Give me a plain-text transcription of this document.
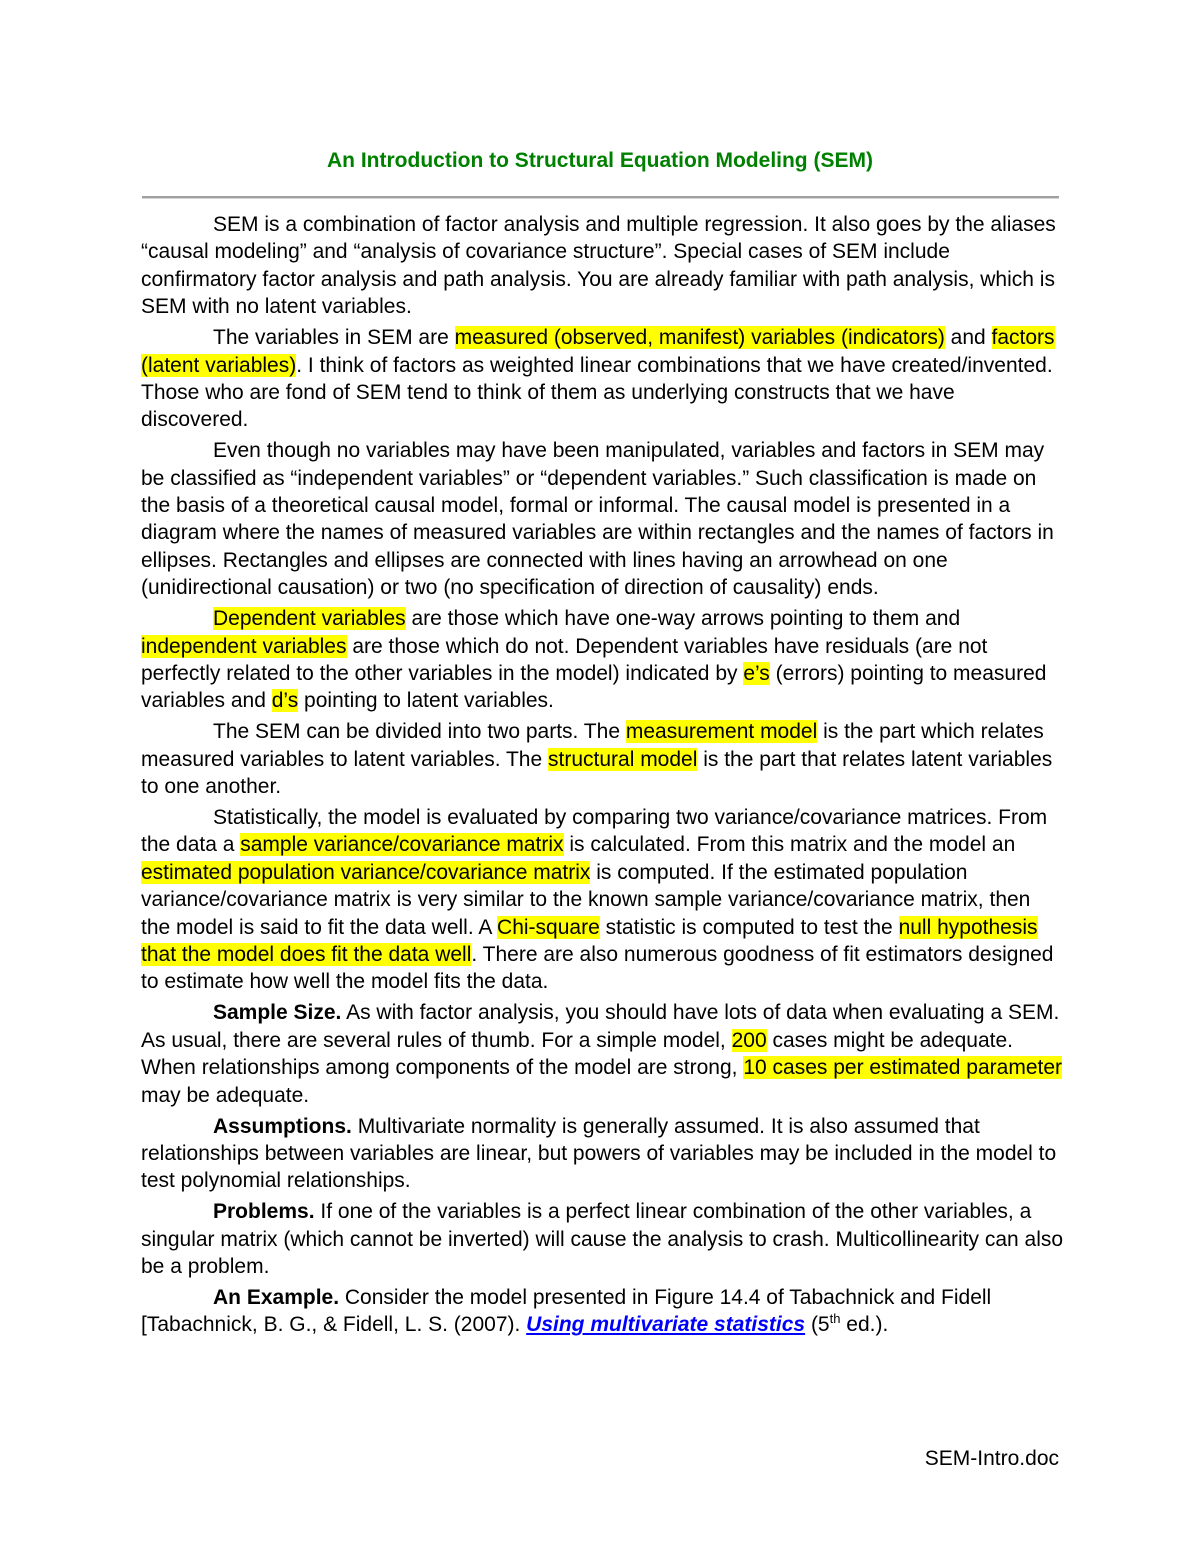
An Introduction to Structural Equation Modeling (SEM)

SEM is a combination of factor analysis and multiple regression. It also goes by the aliases “causal modeling” and “analysis of covariance structure”. Special cases of SEM include confirmatory factor analysis and path analysis. You are already familiar with path analysis, which is SEM with no latent variables.

The variables in SEM are measured (observed, manifest) variables (indicators) and factors (latent variables). I think of factors as weighted linear combinations that we have created/invented. Those who are fond of SEM tend to think of them as underlying constructs that we have discovered.

Even though no variables may have been manipulated, variables and factors in SEM may be classified as “independent variables” or “dependent variables.” Such classification is made on the basis of a theoretical causal model, formal or informal. The causal model is presented in a diagram where the names of measured variables are within rectangles and the names of factors in ellipses. Rectangles and ellipses are connected with lines having an arrowhead on one (unidirectional causation) or two (no specification of direction of causality) ends.

Dependent variables are those which have one-way arrows pointing to them and independent variables are those which do not. Dependent variables have residuals (are not perfectly related to the other variables in the model) indicated by e’s (errors) pointing to measured variables and d’s pointing to latent variables.

The SEM can be divided into two parts. The measurement model is the part which relates measured variables to latent variables. The structural model is the part that relates latent variables to one another.

Statistically, the model is evaluated by comparing two variance/covariance matrices. From the data a sample variance/covariance matrix is calculated. From this matrix and the model an estimated population variance/covariance matrix is computed. If the estimated population variance/covariance matrix is very similar to the known sample variance/covariance matrix, then the model is said to fit the data well. A Chi-square statistic is computed to test the null hypothesis that the model does fit the data well. There are also numerous goodness of fit estimators designed to estimate how well the model fits the data.

Sample Size. As with factor analysis, you should have lots of data when evaluating a SEM. As usual, there are several rules of thumb. For a simple model, 200 cases might be adequate. When relationships among components of the model are strong, 10 cases per estimated parameter may be adequate.

Assumptions. Multivariate normality is generally assumed. It is also assumed that relationships between variables are linear, but powers of variables may be included in the model to test polynomial relationships.

Problems. If one of the variables is a perfect linear combination of the other variables, a singular matrix (which cannot be inverted) will cause the analysis to crash. Multicollinearity can also be a problem.

An Example. Consider the model presented in Figure 14.4 of Tabachnick and Fidell [Tabachnick, B. G., & Fidell, L. S. (2007). Using multivariate statistics (5th ed.).

SEM-Intro.doc
